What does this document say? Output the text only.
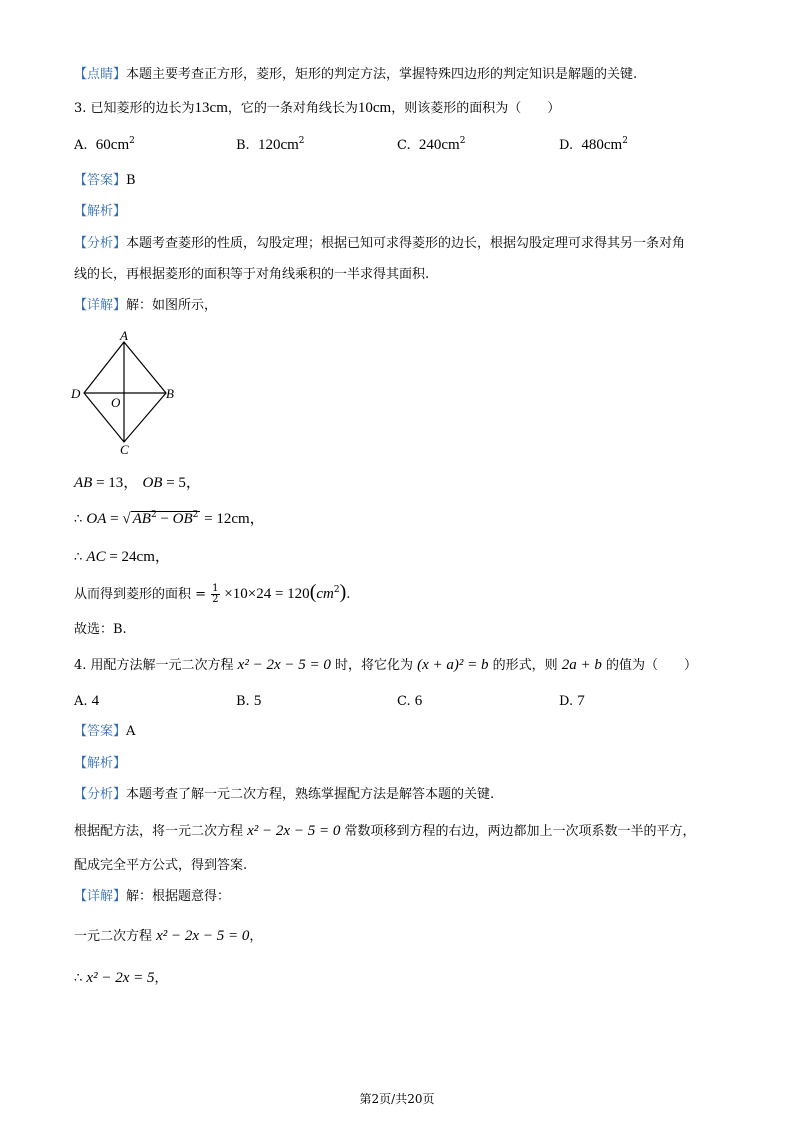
【点睛】本题主要考查正方形，菱形，矩形的判定方法，掌握特殊四边形的判定知识是解题的关键.
3. 已知菱形的边长为13cm，它的一条对角线长为10cm，则该菱形的面积为（　　）
A. $60cm^2$	B. $120cm^2$	C. $240cm^2$	D. $480cm^2$
【答案】B
【解析】
【分析】本题考查菱形的性质，勾股定理；根据已知可求得菱形的边长，根据勾股定理可求得其另一条对角
线的长，再根据菱形的面积等于对角线乘积的一半求得其面积.
【详解】解：如图所示，
A
B
C
D
O
AB = 13， OB = 5，
∴ OA = √ $AB^2 - OB^2 = 12cm$，
∴ AC = 24cm，
从而得到菱形的面积 = $\frac{1}{2} \times 10\times 24 = 120(cm^2)$.
故选：B.
4. 用配方法解一元二次方程 x² − 2x − 5 = 0 时，将它化为 (x + a)² = b 的形式，则 2a + b 的值为（　　）
A. 4	B. 5	C. 6	D. 7
【答案】A
【解析】
【分析】本题考查了解一元二次方程，熟练掌握配方法是解答本题的关键.
根据配方法，将一元二次方程 x² − 2x − 5 = 0 常数项移到方程的右边，两边都加上一次项系数一半的平方，
配成完全平方公式，得到答案.
【详解】解：根据题意得：
一元二次方程 x² − 2x − 5 = 0，
∴ x² − 2x = 5，
第2页/共20页
